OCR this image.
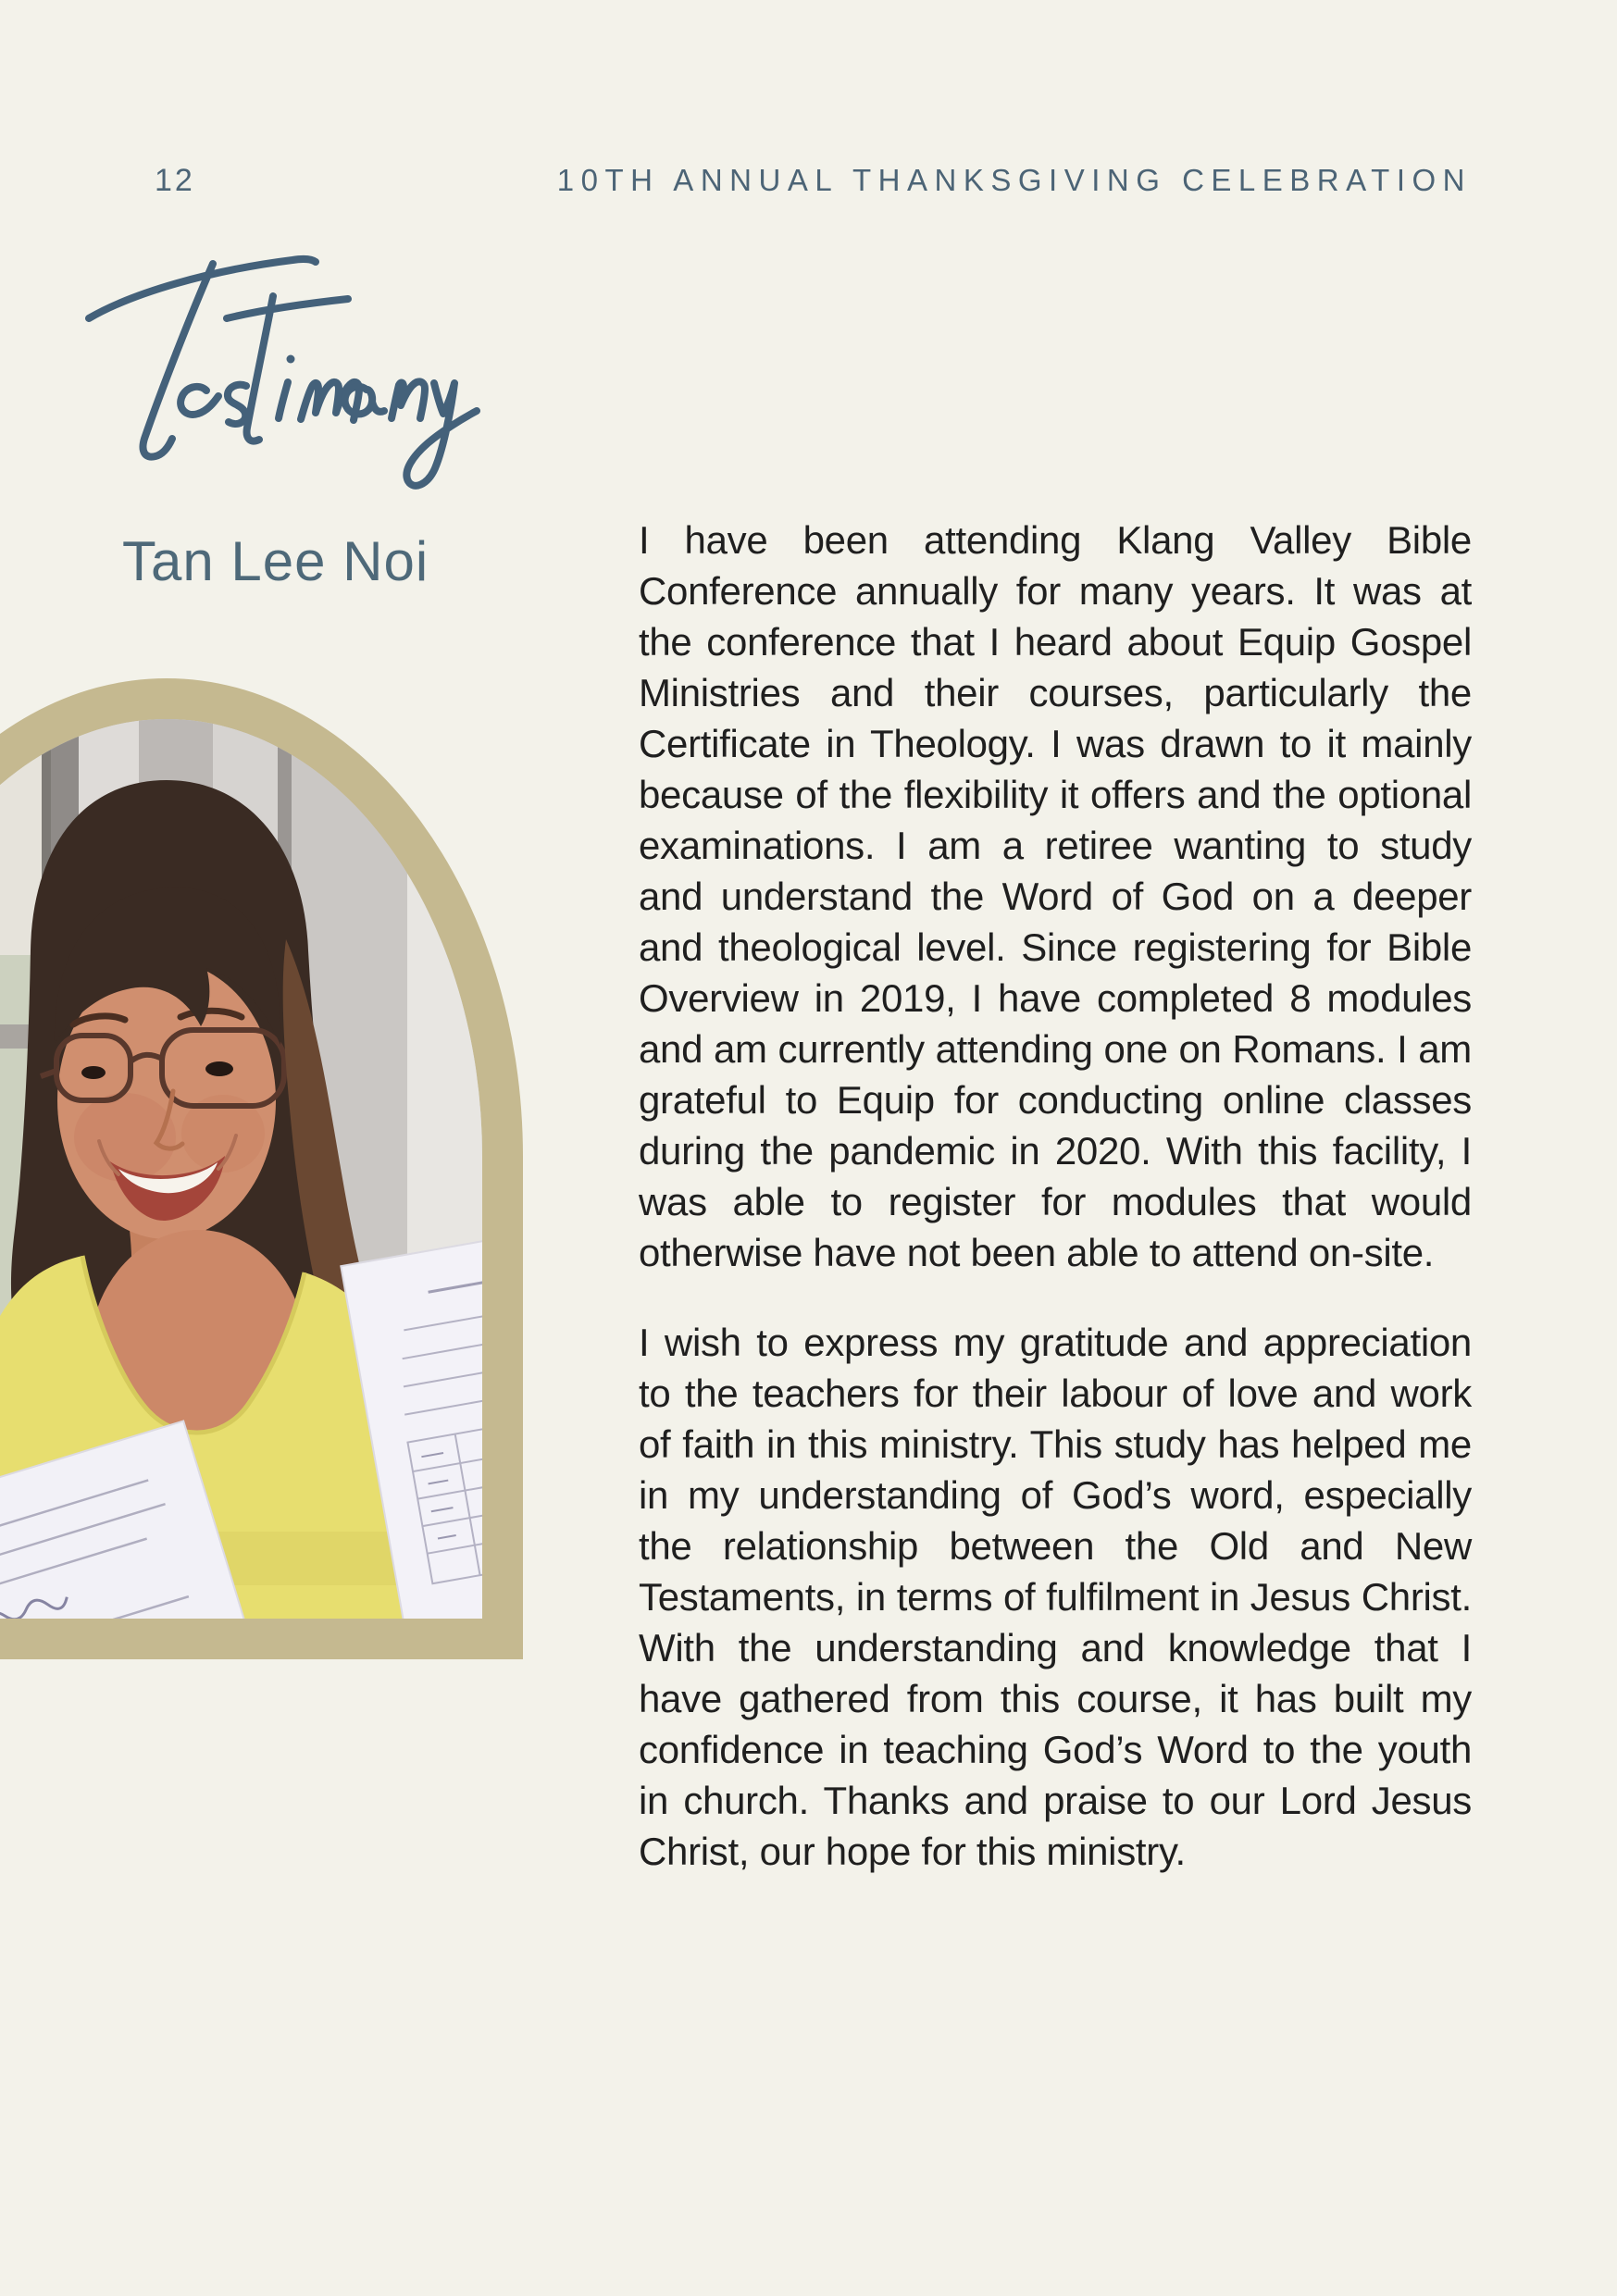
12	10TH ANNUAL THANKSGIVING CELEBRATION
Tan Lee Noi	I have been attending Klang Valley Bible Conference annually for many years. It was at the conference that I heard about Equip Gospel Ministries and their courses, particularly the Certificate in Theology. I was drawn to it mainly because of the flexibility it offers and the optional examinations. I am a retiree wanting to study and understand the Word of God on a deeper and theological level. Since registering for Bible Overview in 2019, I have completed 8 modules and am currently attending one on Romans. I am grateful to Equip for conducting online classes during the pandemic in 2020. With this facility, I was able to register for modules that would otherwise have not been able to attend on-site.

I wish to express my gratitude and appreciation to the teachers for their labour of love and work of faith in this ministry. This study has helped me in my understanding of God’s word, especially the relationship between the Old and New Testaments, in terms of fulfilment in Jesus Christ. With the understanding and knowledge that I have gathered from this course, it has built my confidence in teaching God’s Word to the youth in church. Thanks and praise to our Lord Jesus Christ, our hope for this ministry.
